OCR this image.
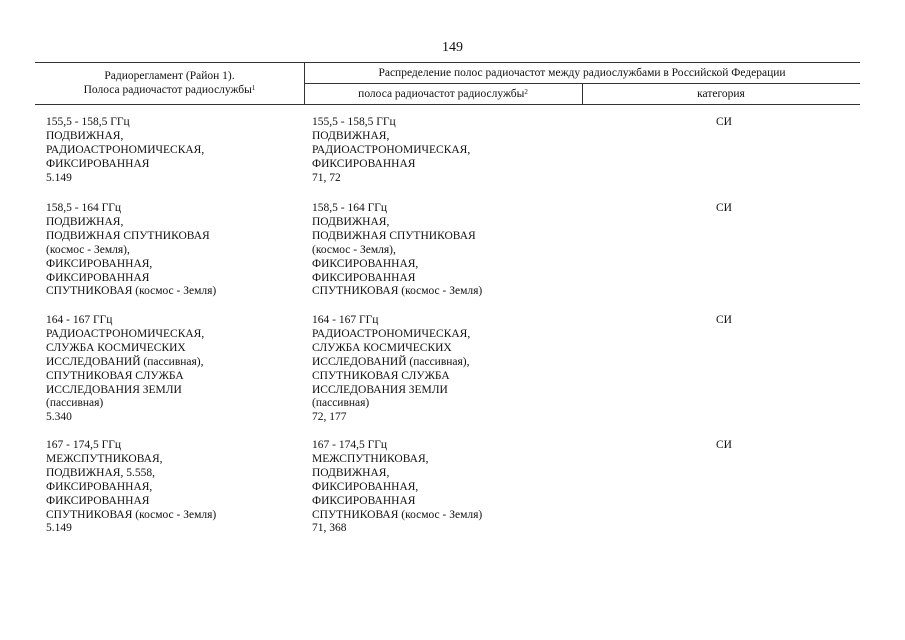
149
Радиорегламент (Район 1).
Полоса радиочастот радиослужбы$^1$
Распределение полос радиочастот между радиослужбами в Российской Федерации
полоса радиочастот радиослужбы$^2$	категория
155,5 - 158,5 ГГц
ПОДВИЖНАЯ,
РАДИОАСТРОНОМИЧЕСКАЯ,
ФИКСИРОВАННАЯ
5.149
155,5 - 158,5 ГГц
ПОДВИЖНАЯ,
РАДИОАСТРОНОМИЧЕСКАЯ,
ФИКСИРОВАННАЯ
71, 72
СИ
158,5 - 164 ГГц
ПОДВИЖНАЯ,
ПОДВИЖНАЯ СПУТНИКОВАЯ
(космос - Земля),
ФИКСИРОВАННАЯ,
ФИКСИРОВАННАЯ
СПУТНИКОВАЯ (космос - Земля)
158,5 - 164 ГГц
ПОДВИЖНАЯ,
ПОДВИЖНАЯ СПУТНИКОВАЯ
(космос - Земля),
ФИКСИРОВАННАЯ,
ФИКСИРОВАННАЯ
СПУТНИКОВАЯ (космос - Земля)
СИ
164 - 167 ГГц
РАДИОАСТРОНОМИЧЕСКАЯ,
СЛУЖБА КОСМИЧЕСКИХ
ИССЛЕДОВАНИЙ (пассивная),
СПУТНИКОВАЯ СЛУЖБА
ИССЛЕДОВАНИЯ ЗЕМЛИ
(пассивная)
5.340
164 - 167 ГГц
РАДИОАСТРОНОМИЧЕСКАЯ,
СЛУЖБА КОСМИЧЕСКИХ
ИССЛЕДОВАНИЙ (пассивная),
СПУТНИКОВАЯ СЛУЖБА
ИССЛЕДОВАНИЯ ЗЕМЛИ
(пассивная)
72, 177
СИ
167 - 174,5 ГГц
МЕЖСПУТНИКОВАЯ,
ПОДВИЖНАЯ, 5.558,
ФИКСИРОВАННАЯ,
ФИКСИРОВАННАЯ
СПУТНИКОВАЯ (космос - Земля)
5.149
167 - 174,5 ГГц
МЕЖСПУТНИКОВАЯ,
ПОДВИЖНАЯ,
ФИКСИРОВАННАЯ,
ФИКСИРОВАННАЯ
СПУТНИКОВАЯ (космос - Земля)
71, 368
СИ
